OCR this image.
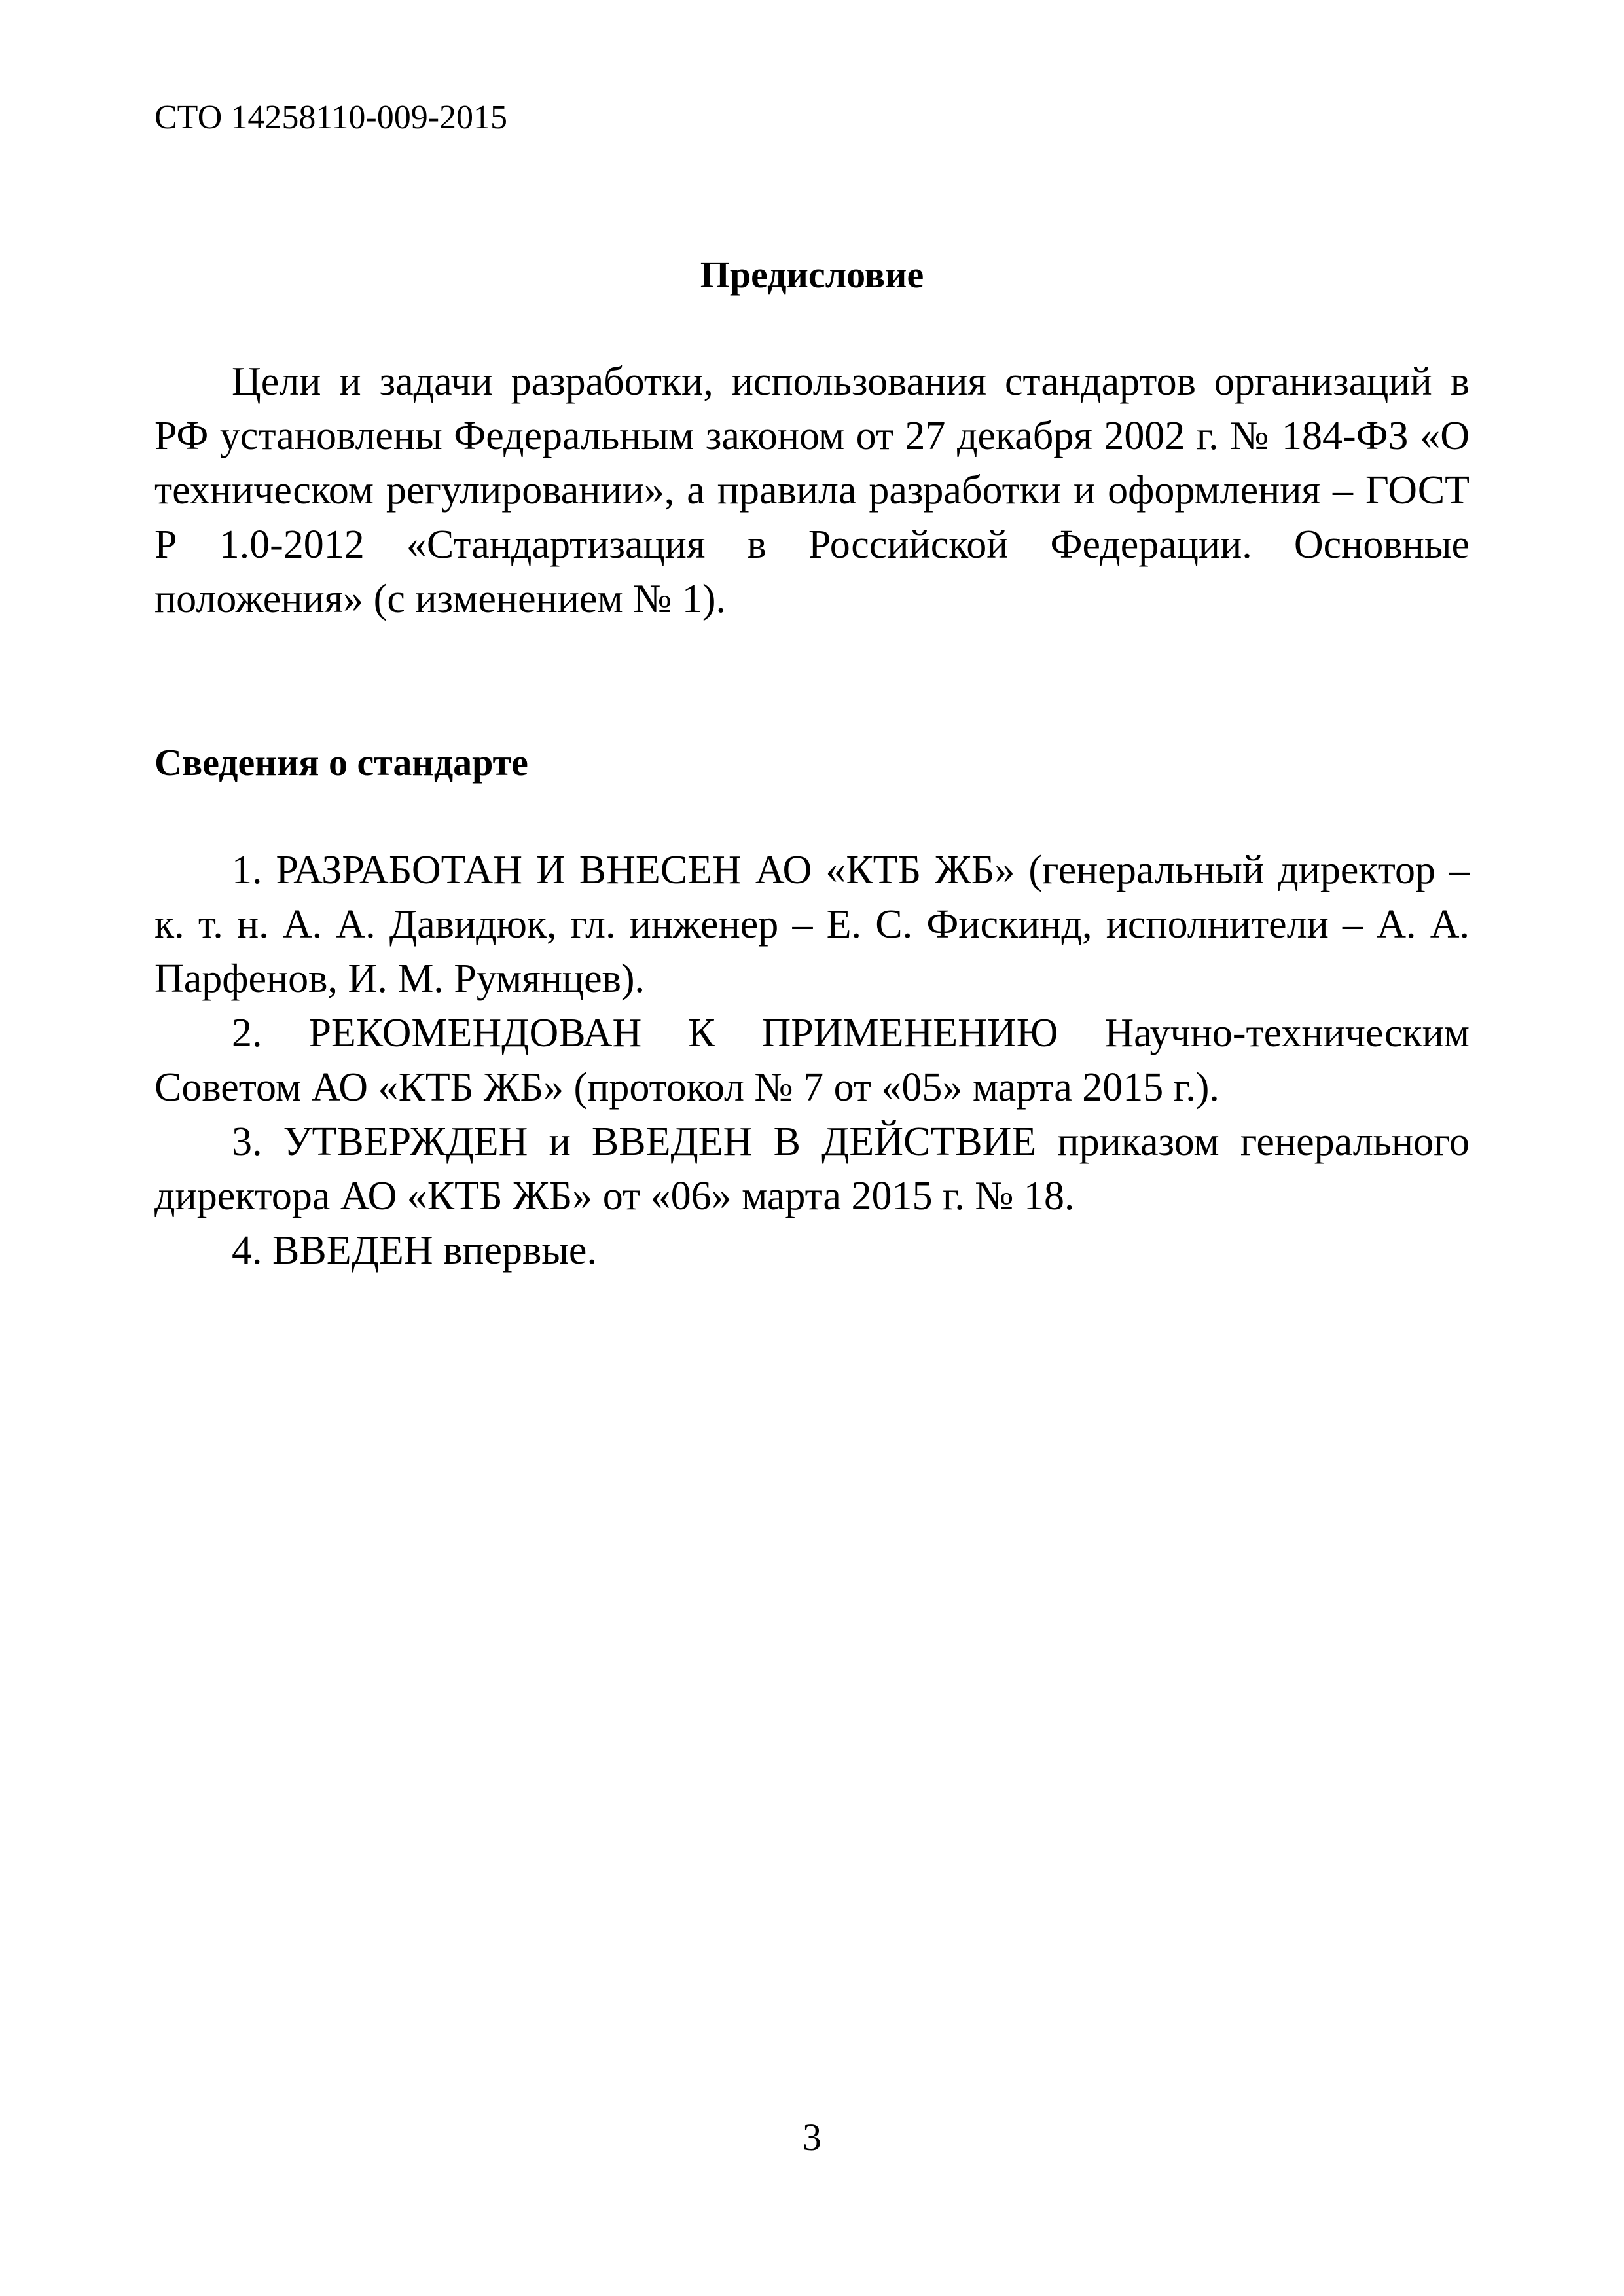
СТО 14258110-009-2015
Предисловие

Цели и задачи разработки, использования стандартов организаций в РФ установлены Федеральным законом от 27 декабря 2002 г. № 184-ФЗ «О техническом регулировании», а правила разработки и оформления – ГОСТ Р 1.0-2012 «Стандартизация в Российской Федерации. Основные положения» (с изменением № 1).

Сведения о стандарте

1. РАЗРАБОТАН И ВНЕСЕН АО «КТБ ЖБ» (генеральный директор – к. т. н. А. А. Давидюк, гл. инженер – Е. С. Фискинд, исполнители – А. А. Парфенов, И. М. Румянцев).

2. РЕКОМЕНДОВАН К ПРИМЕНЕНИЮ Научно-техническим Советом АО «КТБ ЖБ» (протокол № 7 от «05» марта 2015 г.).

3. УТВЕРЖДЕН и ВВЕДЕН В ДЕЙСТВИЕ приказом генерального директора АО «КТБ ЖБ» от «06» марта 2015 г. № 18.

4. ВВЕДЕН впервые.

3
